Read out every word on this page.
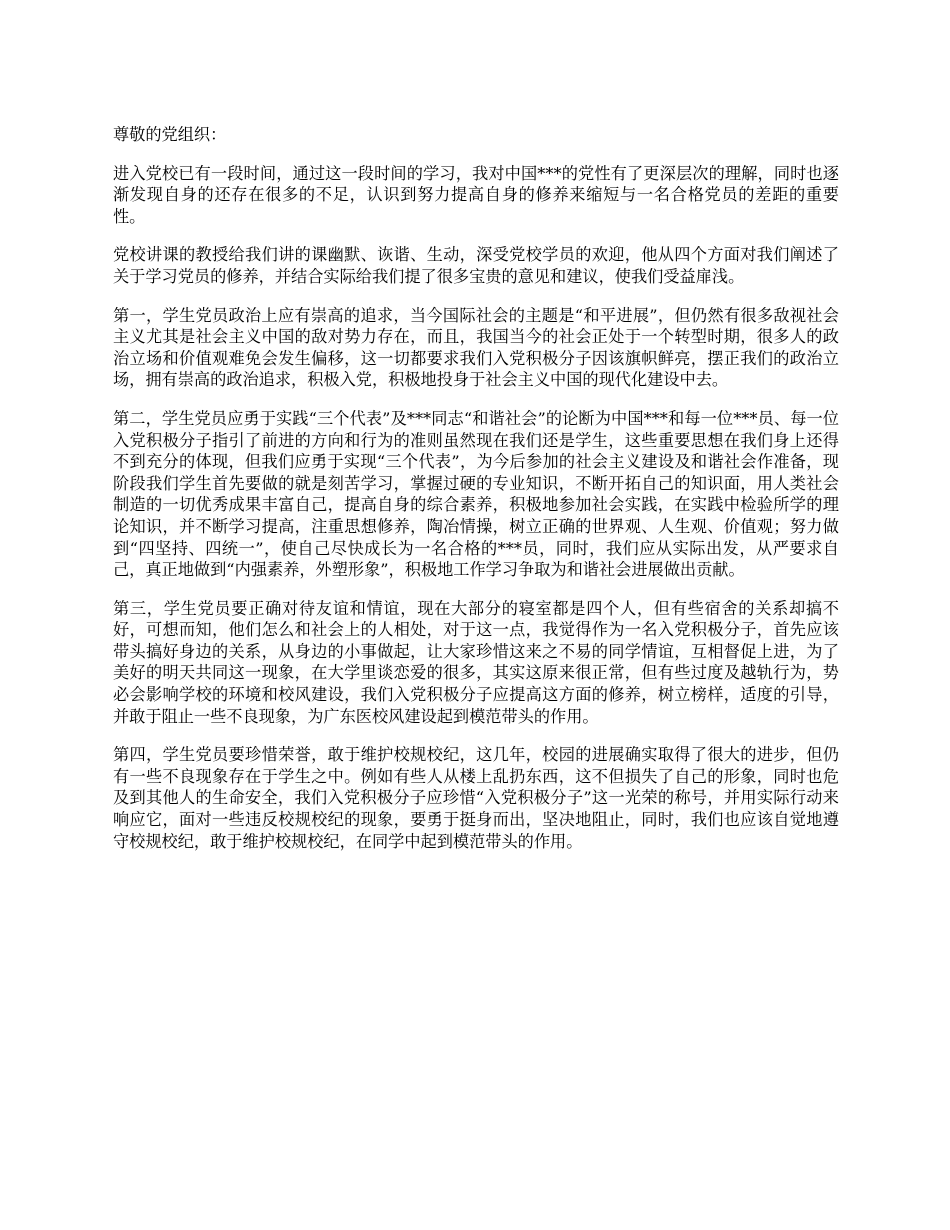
尊敬的党组织：

进入党校已有一段时间，通过这一段时间的学习，我对中国***的党性有了更深层次的理解，同时也逐渐发现自身的还存在很多的不足，认识到努力提高自身的修养来缩短与一名合格党员的差距的重要性。

党校讲课的教授给我们讲的课幽默、诙谐、生动，深受党校学员的欢迎，他从四个方面对我们阐述了关于学习党员的修养，并结合实际给我们提了很多宝贵的意见和建议，使我们受益扉浅。

第一，学生党员政治上应有崇高的追求，当今国际社会的主题是“和平进展”，但仍然有很多敌视社会主义尤其是社会主义中国的敌对势力存在，而且，我国当今的社会正处于一个转型时期，很多人的政治立场和价值观难免会发生偏移，这一切都要求我们入党积极分子因该旗帜鲜亮，摆正我们的政治立场，拥有崇高的政治追求，积极入党，积极地投身于社会主义中国的现代化建设中去。

第二，学生党员应勇于实践“三个代表”及***同志“和谐社会”的论断为中国***和每一位***员、每一位入党积极分子指引了前进的方向和行为的准则虽然现在我们还是学生，这些重要思想在我们身上还得不到充分的体现，但我们应勇于实现“三个代表”，为今后参加的社会主义建设及和谐社会作准备，现阶段我们学生首先要做的就是刻苦学习，掌握过硬的专业知识，不断开拓自己的知识面，用人类社会制造的一切优秀成果丰富自己，提高自身的综合素养，积极地参加社会实践，在实践中检验所学的理论知识，并不断学习提高，注重思想修养，陶冶情操，树立正确的世界观、人生观、价值观；努力做到“四坚持、四统一”，使自己尽快成长为一名合格的***员，同时，我们应从实际出发，从严要求自己，真正地做到“内强素养，外塑形象”，积极地工作学习争取为和谐社会进展做出贡献。

第三，学生党员要正确对待友谊和情谊，现在大部分的寝室都是四个人，但有些宿舍的关系却搞不好，可想而知，他们怎么和社会上的人相处，对于这一点，我觉得作为一名入党积极分子，首先应该带头搞好身边的关系，从身边的小事做起，让大家珍惜这来之不易的同学情谊，互相督促上进，为了美好的明天共同这一现象，在大学里谈恋爱的很多，其实这原来很正常，但有些过度及越轨行为，势必会影响学校的环境和校风建设，我们入党积极分子应提高这方面的修养，树立榜样，适度的引导，并敢于阻止一些不良现象，为广东医校风建设起到模范带头的作用。

第四，学生党员要珍惜荣誉，敢于维护校规校纪，这几年，校园的进展确实取得了很大的进步，但仍有一些不良现象存在于学生之中。例如有些人从楼上乱扔东西，这不但损失了自己的形象，同时也危及到其他人的生命安全，我们入党积极分子应珍惜“入党积极分子”这一光荣的称号，并用实际行动来响应它，面对一些违反校规校纪的现象，要勇于挺身而出，坚决地阻止，同时，我们也应该自觉地遵守校规校纪，敢于维护校规校纪，在同学中起到模范带头的作用。
